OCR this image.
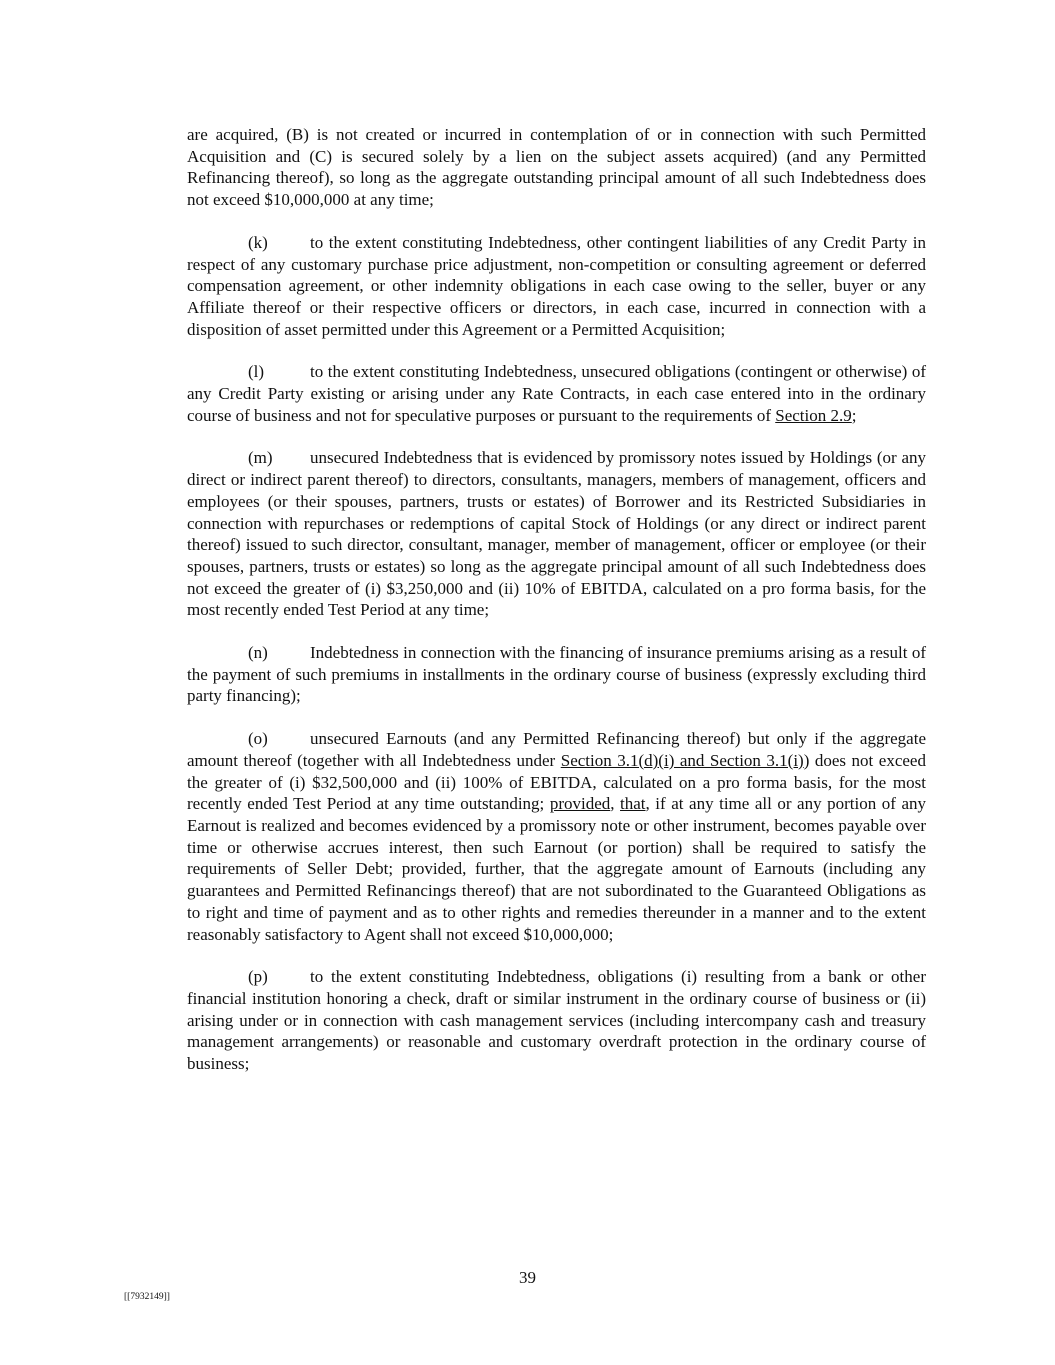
are acquired, (B) is not created or incurred in contemplation of or in connection with such Permitted Acquisition and (C) is secured solely by a lien on the subject assets acquired) (and any Permitted Refinancing thereof), so long as the aggregate outstanding principal amount of all such Indebtedness does not exceed $10,000,000 at any time;

(k) to the extent constituting Indebtedness, other contingent liabilities of any Credit Party in respect of any customary purchase price adjustment, non-competition or consulting agreement or deferred compensation agreement, or other indemnity obligations in each case owing to the seller, buyer or any Affiliate thereof or their respective officers or directors, in each case, incurred in connection with a disposition of asset permitted under this Agreement or a Permitted Acquisition;

(l)	to the extent constituting Indebtedness, unsecured obligations (contingent or otherwise) of any Credit Party existing or arising under any Rate Contracts, in each case entered into in the ordinary course of business and not for speculative purposes or pursuant to the requirements of Section 2.9;

(m) unsecured Indebtedness that is evidenced by promissory notes issued by Holdings (or any direct or indirect parent thereof) to directors, consultants, managers, members of management, officers and employees (or their spouses, partners, trusts or estates) of Borrower and its Restricted Subsidiaries in connection with repurchases or redemptions of capital Stock of Holdings (or any direct or indirect parent thereof) issued to such director, consultant, manager, member of management, officer or employee (or their spouses, partners, trusts or estates) so long as the aggregate principal amount of all such Indebtedness does not exceed the greater of (i) $3,250,000 and (ii) 10% of EBITDA, calculated on a pro forma basis, for the most recently ended Test Period at any time;

(n) Indebtedness in connection with the financing of insurance premiums arising as a result of the payment of such premiums in installments in the ordinary course of business (expressly excluding third party financing);

(o) unsecured Earnouts (and any Permitted Refinancing thereof) but only if the aggregate amount thereof (together with all Indebtedness under Section 3.1(d)(i) and Section 3.1(i)) does not exceed the greater of (i) $32,500,000 and (ii) 100% of EBITDA, calculated on a pro forma basis, for the most recently ended Test Period at any time outstanding; provided, that, if at any time all or any portion of any Earnout is realized and becomes evidenced by a promissory note or other instrument, becomes payable over time or otherwise accrues interest, then such Earnout (or portion) shall be required to satisfy the requirements of Seller Debt; provided, further, that the aggregate amount of Earnouts (including any guarantees and Permitted Refinancings thereof) that are not subordinated to the Guaranteed Obligations as to right and time of payment and as to other rights and remedies thereunder in a manner and to the extent reasonably satisfactory to Agent shall not exceed $10,000,000;

(p) to the extent constituting Indebtedness, obligations (i) resulting from a bank or other financial institution honoring a check, draft or similar instrument in the ordinary course of business or (ii) arising under or in connection with cash management services (including intercompany cash and treasury management arrangements) or reasonable and customary overdraft protection in the ordinary course of business;

39
[[7932149]]
